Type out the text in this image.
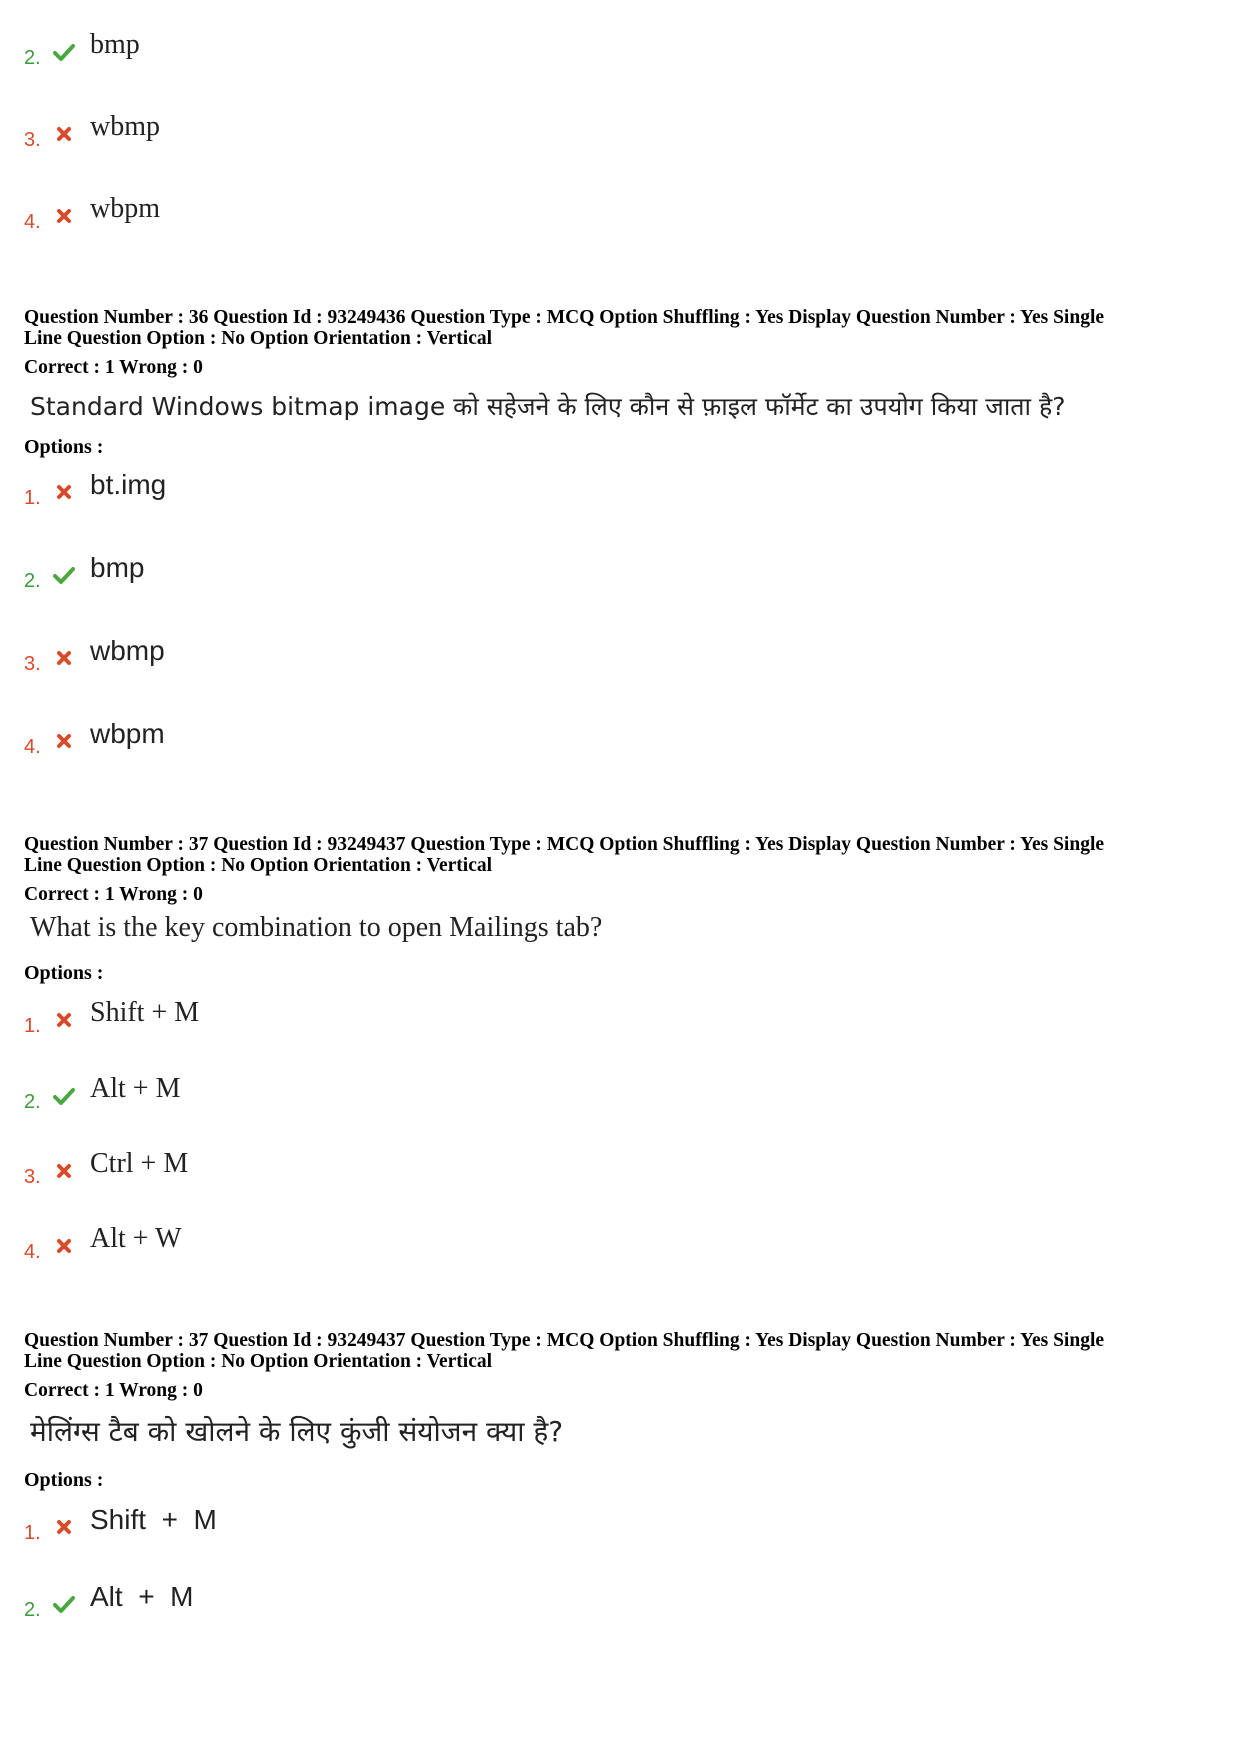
2. bmp
3. wbmp
4. wbpm
Question Number : 36 Question Id : 93249436 Question Type : MCQ Option Shuffling : Yes Display Question Number : Yes Single
Line Question Option : No Option Orientation : Vertical
Correct : 1 Wrong : 0
Standard Windows bitmap image को सहेजने के लिए कौन से फ़ाइल फॉर्मेट का उपयोग किया जाता है?
Options :
1. bt.img
2. bmp
3. wbmp
4. wbpm
Question Number : 37 Question Id : 93249437 Question Type : MCQ Option Shuffling : Yes Display Question Number : Yes Single
Line Question Option : No Option Orientation : Vertical
Correct : 1 Wrong : 0
What is the key combination to open Mailings tab?
Options :
1. Shift + M
2. Alt + M
3. Ctrl + M
4. Alt + W
Question Number : 37 Question Id : 93249437 Question Type : MCQ Option Shuffling : Yes Display Question Number : Yes Single
Line Question Option : No Option Orientation : Vertical
Correct : 1 Wrong : 0
मेलिंग्स टैब को खोलने के लिए कुंजी संयोजन क्या है?
Options :
1. Shift  +  M
2. Alt  +  M
